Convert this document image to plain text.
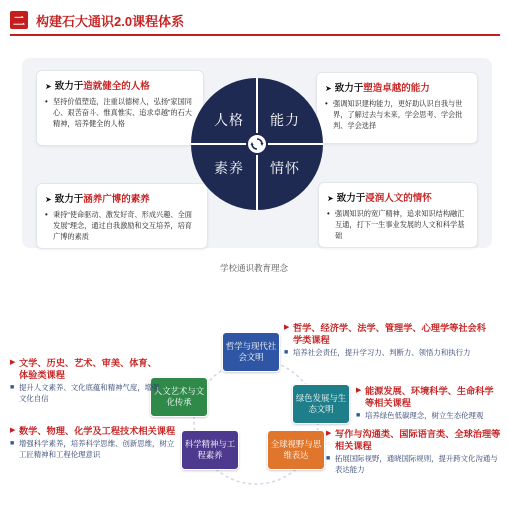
二 构建石大通识2.0课程体系
➤ 致力于造就健全的人格
• 坚持价值塑造，注重以德树人，弘扬“家国同心、艰苦奋斗、惟真惟实、追求卓越”的石大精神，培养健全的人格
➤ 致力于塑造卓越的能力
• 强调知识建构能力，更好助认识自我与世界，了解过去与未来，学会思考、学会批判、学会选择
➤ 致力于涵养广博的素养
• 秉持“使命驱动、激发好奇、形成兴趣、全面发展”理念，通过自我激励和交互培养，培育广博的素质
➤ 致力于浸润人文的情怀
• 强调知识的宽广精神，追求知识结构融汇互通，打下一生事业发展的人文和科学基础
人格	能力
素养	情怀
学校通识教育理念
哲学与现代社会文明
绿色发展与生态文明
人文艺术与文化传承
科学精神与工程素养
全球视野与思维表达
▶ 哲学、经济学、法学、管理学、心理学等社会科学类课程
■ 培养社会责任，提升学习力、判断力、领悟力和执行力
▶ 文学、历史、艺术、审美、体育、体验类课程
■ 提升人文素养、文化底蕴和精神气度，增强文化自信
▶ 能源发展、环境科学、生命科学等相关课程
■ 培养绿色低碳理念，树立生态伦理观
▶ 数学、物理、化学及工程技术相关课程
■ 增强科学素养，培养科学思维、创新思维，树立工匠精神和工程伦理意识
▶ 写作与沟通类、国际语言类、全球治理等相关课程
■ 拓展国际视野，通晓国际规则，提升跨文化沟通与表达能力
